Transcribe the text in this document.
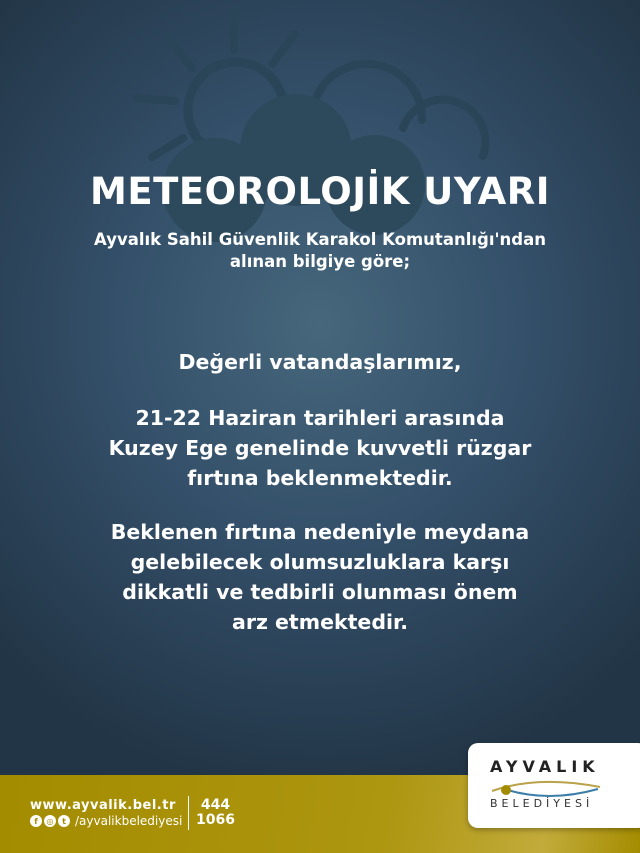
METEOROLOJİK UYARI
Ayvalık Sahil Güvenlik Karakol Komutanlığı'ndan
alınan bilgiye göre;
Değerli vatandaşlarımız,
21-22 Haziran tarihleri arasında
Kuzey Ege genelinde kuvvetli rüzgar
fırtına beklenmektedir.
Beklenen fırtına nedeniyle meydana
gelebilecek olumsuzluklara karşı
dikkatli ve tedbirli olunması önem
arz etmektedir.
www.ayvalik.bel.tr
f	◎	t /ayvalikbelediyesi
444
1066
AYVALIK
BELEDİYESİ
